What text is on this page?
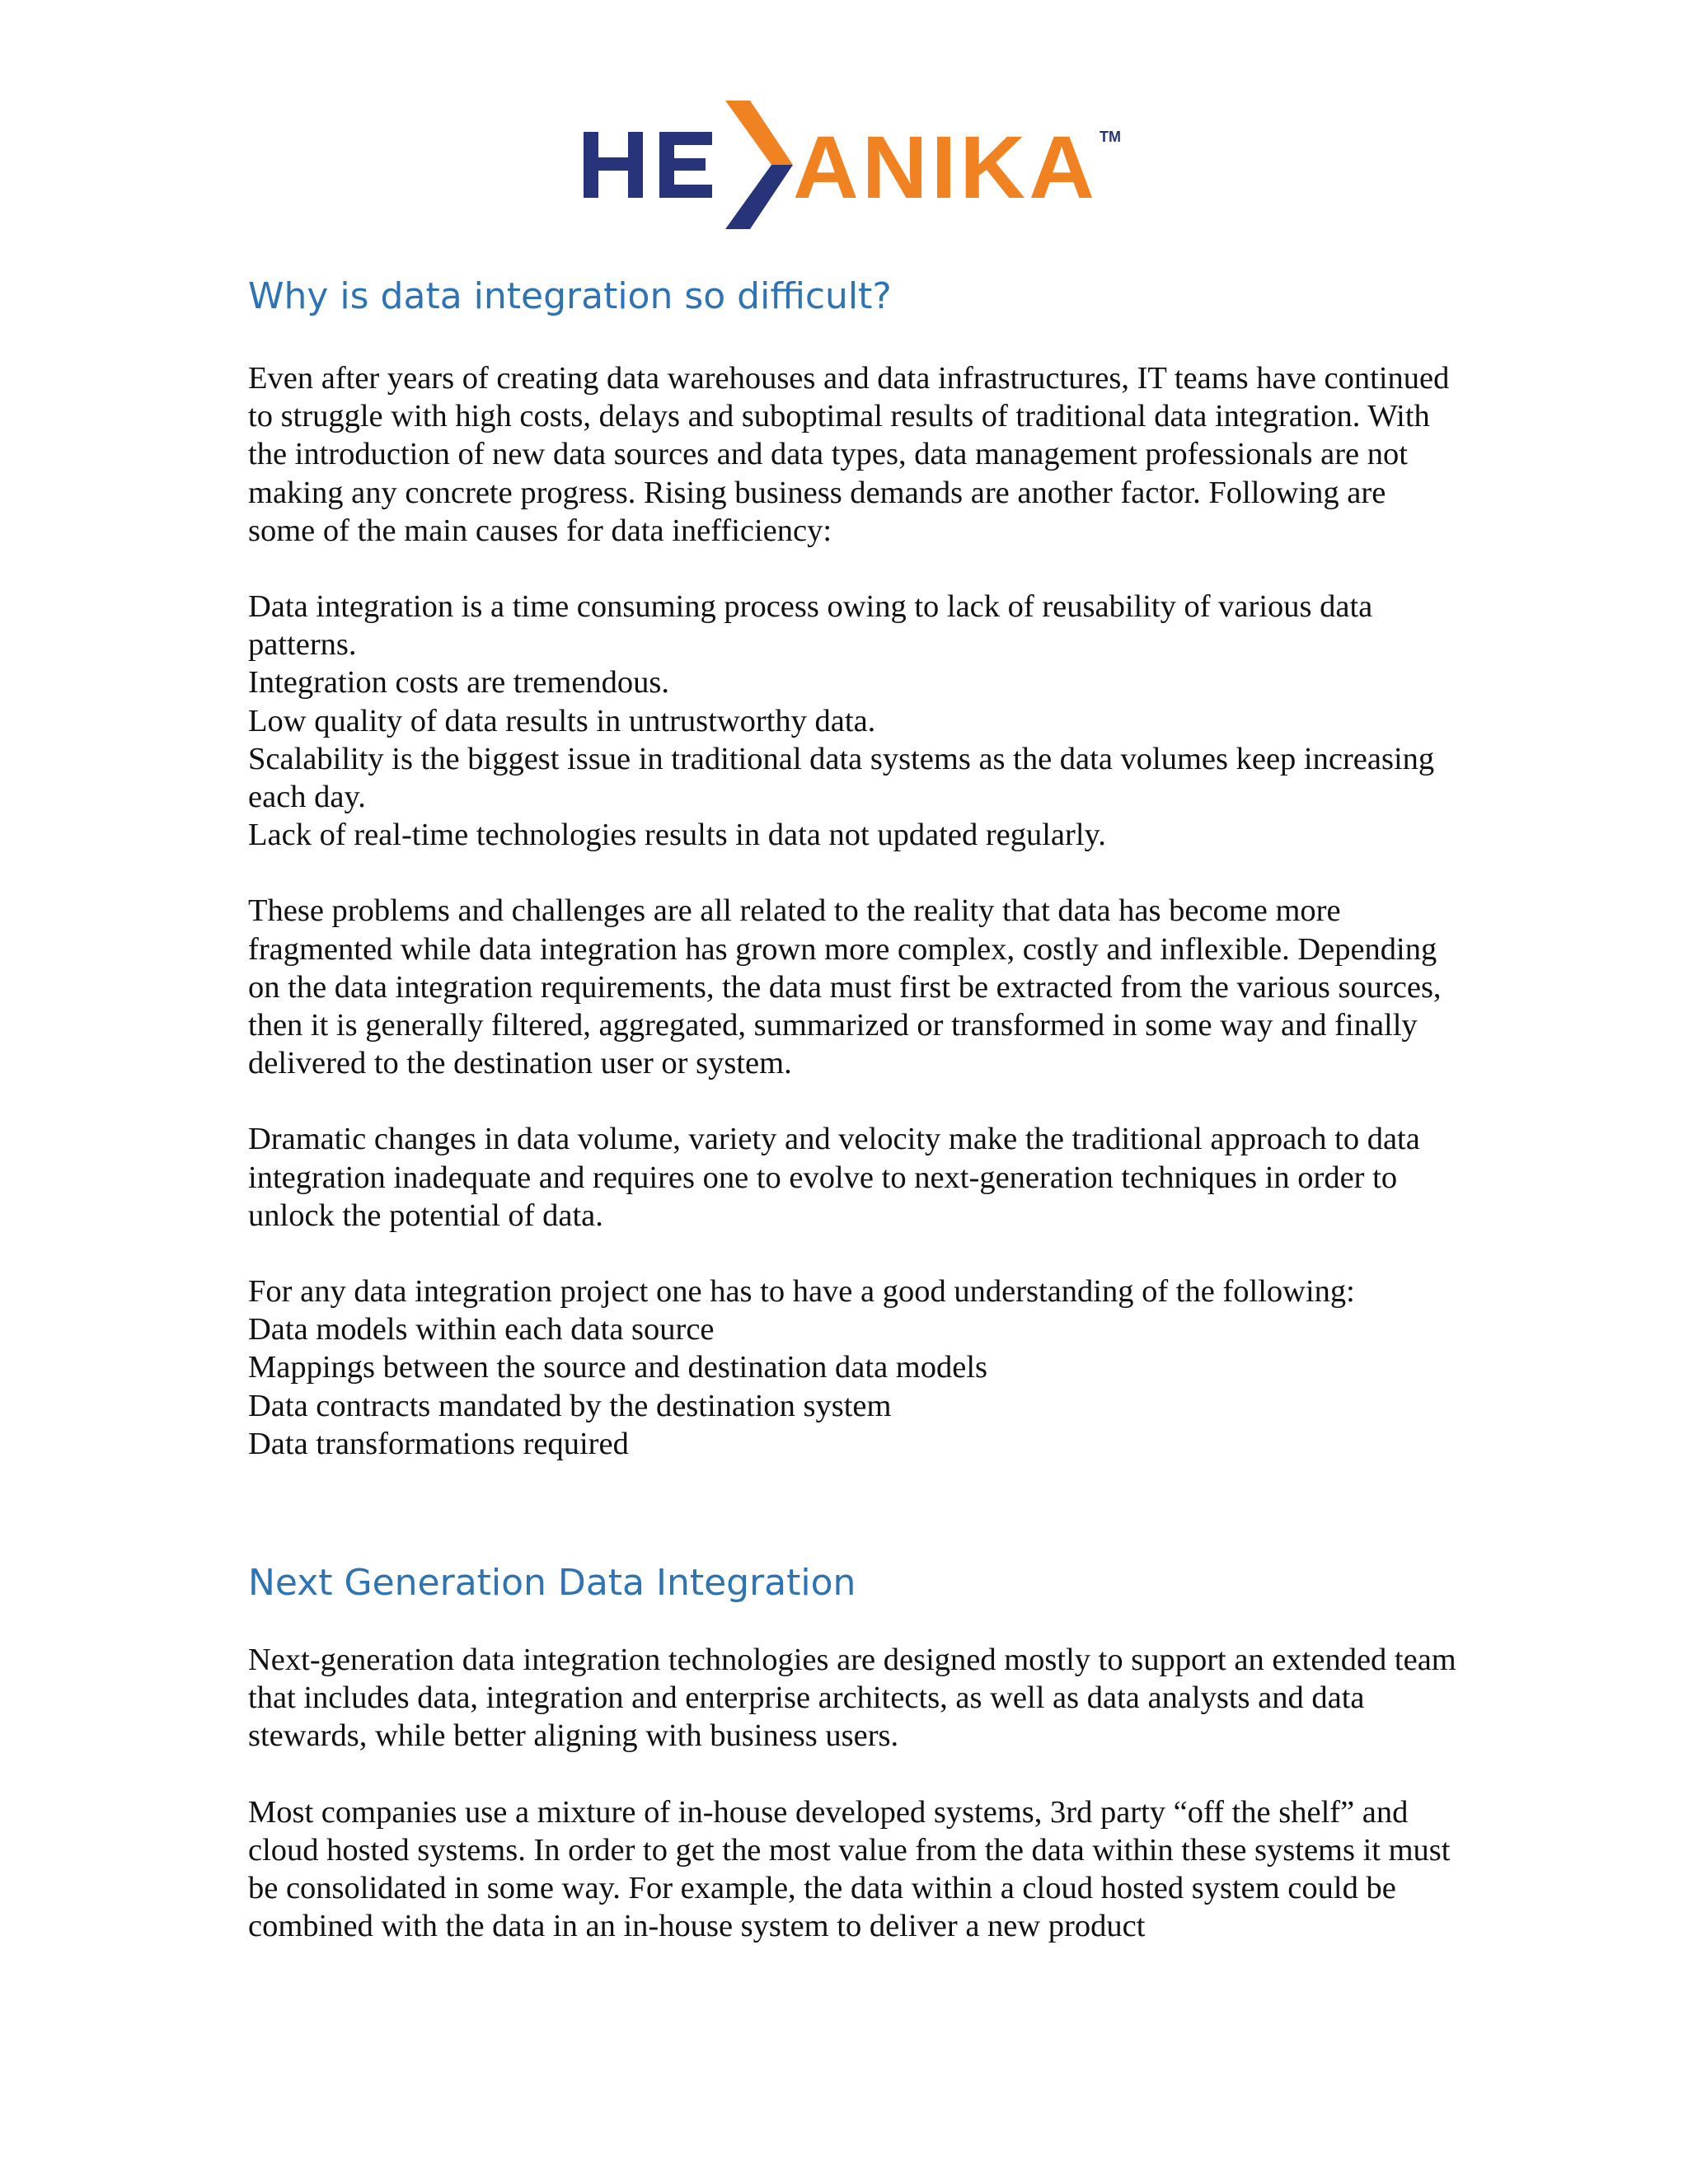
ANIKA TM
Why is data integration so difficult?

Even after years of creating data warehouses and data infrastructures, IT teams have continued to struggle with high costs, delays and suboptimal results of traditional data integration. With the introduction of new data sources and data types, data management professionals are not making any concrete progress. Rising business demands are another factor. Following are some of the main causes for data inefficiency:

Data integration is a time consuming process owing to lack of reusability of various data patterns.

Integration costs are tremendous.

Low quality of data results in untrustworthy data.

Scalability is the biggest issue in traditional data systems as the data volumes keep increasing each day.

Lack of real-time technologies results in data not updated regularly.

These problems and challenges are all related to the reality that data has become more fragmented while data integration has grown more complex, costly and inflexible. Depending on the data integration requirements, the data must first be extracted from the various sources, then it is generally filtered, aggregated, summarized or transformed in some way and finally delivered to the destination user or system.

Dramatic changes in data volume, variety and velocity make the traditional approach to data integration inadequate and requires one to evolve to next-generation techniques in order to unlock the potential of data.

For any data integration project one has to have a good understanding of the following:

Data models within each data source

Mappings between the source and destination data models

Data contracts mandated by the destination system

Data transformations required

Next Generation Data Integration

Next-generation data integration technologies are designed mostly to support an extended team that includes data, integration and enterprise architects, as well as data analysts and data stewards, while better aligning with business users.

Most companies use a mixture of in-house developed systems, 3rd party “off the shelf” and cloud hosted systems. In order to get the most value from the data within these systems it must be consolidated in some way. For example, the data within a cloud hosted system could be combined with the data in an in-house system to deliver a new product
